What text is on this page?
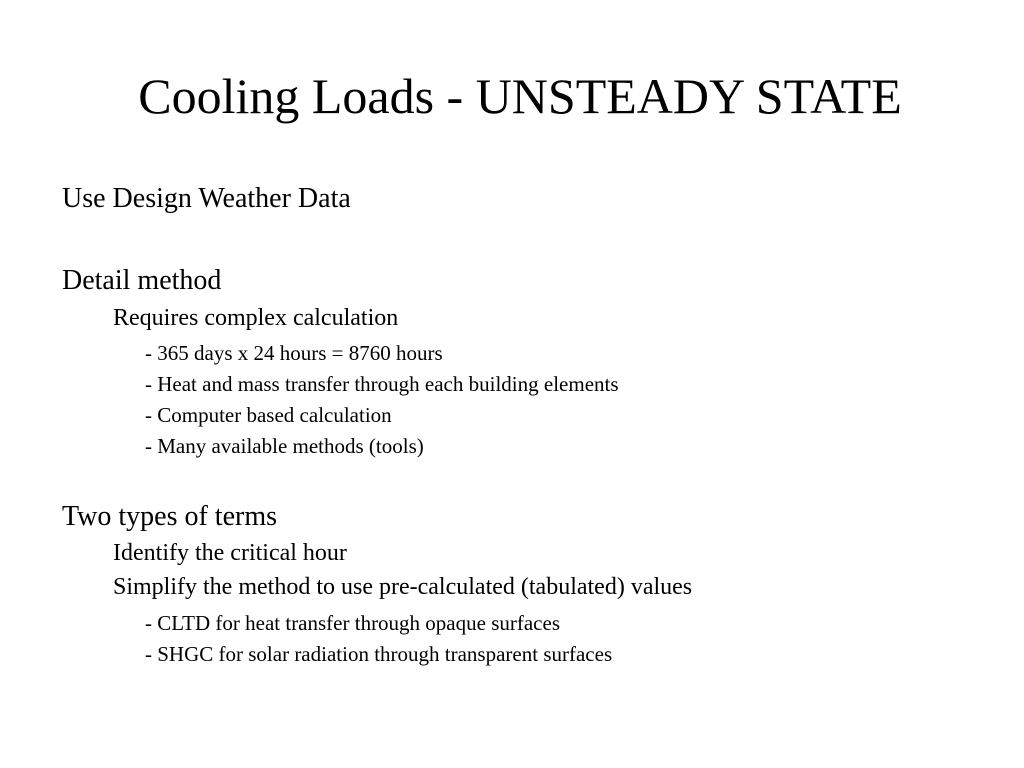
Cooling Loads - UNSTEADY STATE
Use Design Weather Data
Detail method
Requires complex calculation
- 365 days x 24 hours = 8760 hours
- Heat and mass transfer through each building elements
- Computer based calculation
- Many available methods (tools)
Two types of terms
Identify the critical hour
Simplify the method to use pre-calculated (tabulated) values
- CLTD for heat transfer through opaque surfaces
- SHGC for solar radiation through transparent surfaces
